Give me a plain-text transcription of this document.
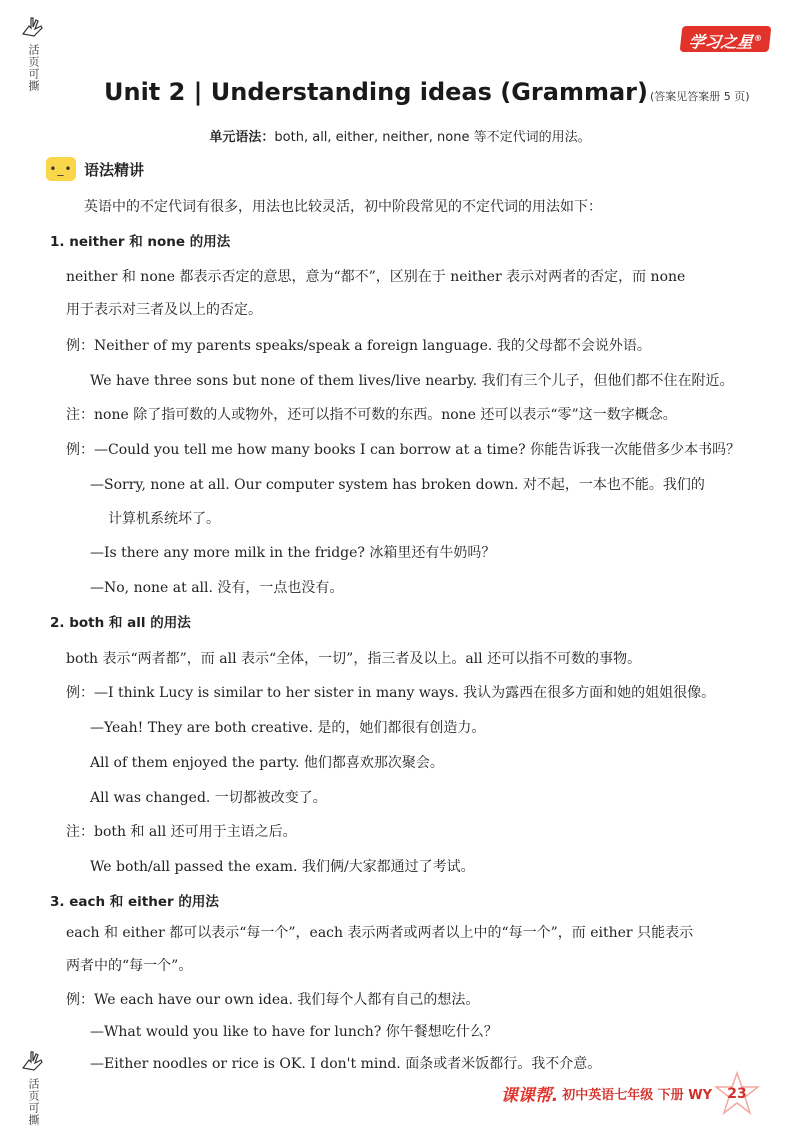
活页可撕
活页可撕
学习之星®
Unit 2 | Understanding ideas (Grammar) (答案见答案册 5 页)
单元语法：both, all, either, neither, none 等不定代词的用法。
•_• 语法精讲
英语中的不定代词有很多，用法也比较灵活，初中阶段常见的不定代词的用法如下：
1. neither 和 none 的用法
neither 和 none 都表示否定的意思，意为“都不”，区别在于 neither 表示对两者的否定，而 none
用于表示对三者及以上的否定。
例：Neither of my parents speaks/speak a foreign language. 我的父母都不会说外语。
We have three sons but none of them lives/live nearby. 我们有三个儿子，但他们都不住在附近。
注：none 除了指可数的人或物外，还可以指不可数的东西。none 还可以表示“零”这一数字概念。
例：—Could you tell me how many books I can borrow at a time? 你能告诉我一次能借多少本书吗？
—Sorry, none at all. Our computer system has broken down. 对不起，一本也不能。我们的
计算机系统坏了。
—Is there any more milk in the fridge? 冰箱里还有牛奶吗？
—No, none at all. 没有，一点也没有。
2. both 和 all 的用法
both 表示“两者都”，而 all 表示“全体，一切”，指三者及以上。all 还可以指不可数的事物。
例：—I think Lucy is similar to her sister in many ways. 我认为露西在很多方面和她的姐姐很像。
—Yeah! They are both creative. 是的，她们都很有创造力。
All of them enjoyed the party. 他们都喜欢那次聚会。
All was changed. 一切都被改变了。
注：both 和 all 还可用于主语之后。
We both/all passed the exam. 我们俩/大家都通过了考试。
3. each 和 either 的用法
each 和 either 都可以表示“每一个”，each 表示两者或两者以上中的“每一个”，而 either 只能表示
两者中的“每一个”。
例：We each have our own idea. 我们每个人都有自己的想法。
—What would you like to have for lunch? 你午餐想吃什么？
—Either noodles or rice is OK. I don't mind. 面条或者米饭都行。我不介意。
课课帮. 初中英语七年级 下册 WY	23
